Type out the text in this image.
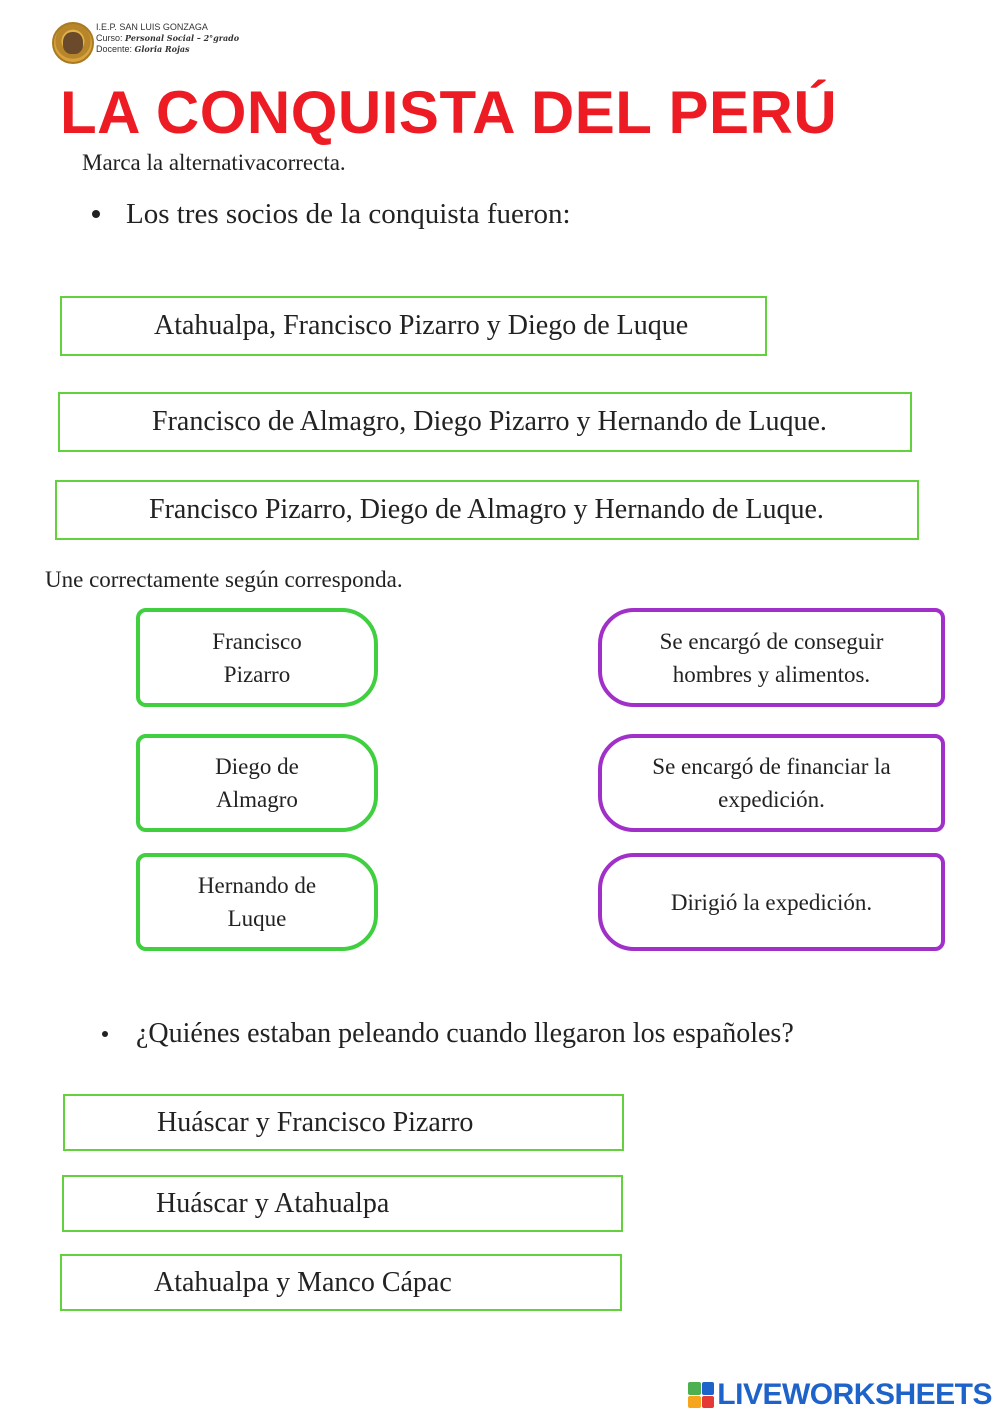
I.E.P. SAN LUIS GONZAGA
Curso: Personal Social – 2°grado
Docente: Gloria Rojas
LA CONQUISTA DEL PERÚ
Marca la alternativacorrecta.
Los tres socios de la conquista fueron:
Atahualpa, Francisco Pizarro y Diego de Luque
Francisco de Almagro, Diego Pizarro y Hernando de Luque.
Francisco Pizarro, Diego de Almagro y Hernando de Luque.
Une correctamente según corresponda.
Francisco
Pizarro
Diego de
Almagro
Hernando de
Luque
Se encargó de conseguir
hombres y alimentos.
Se encargó de financiar la
expedición.
Dirigió la expedición.
¿Quiénes estaban peleando cuando llegaron los españoles?
Huáscar y Francisco Pizarro
Huáscar y Atahualpa
Atahualpa y Manco Cápac
LIVEWORKSHEETS
